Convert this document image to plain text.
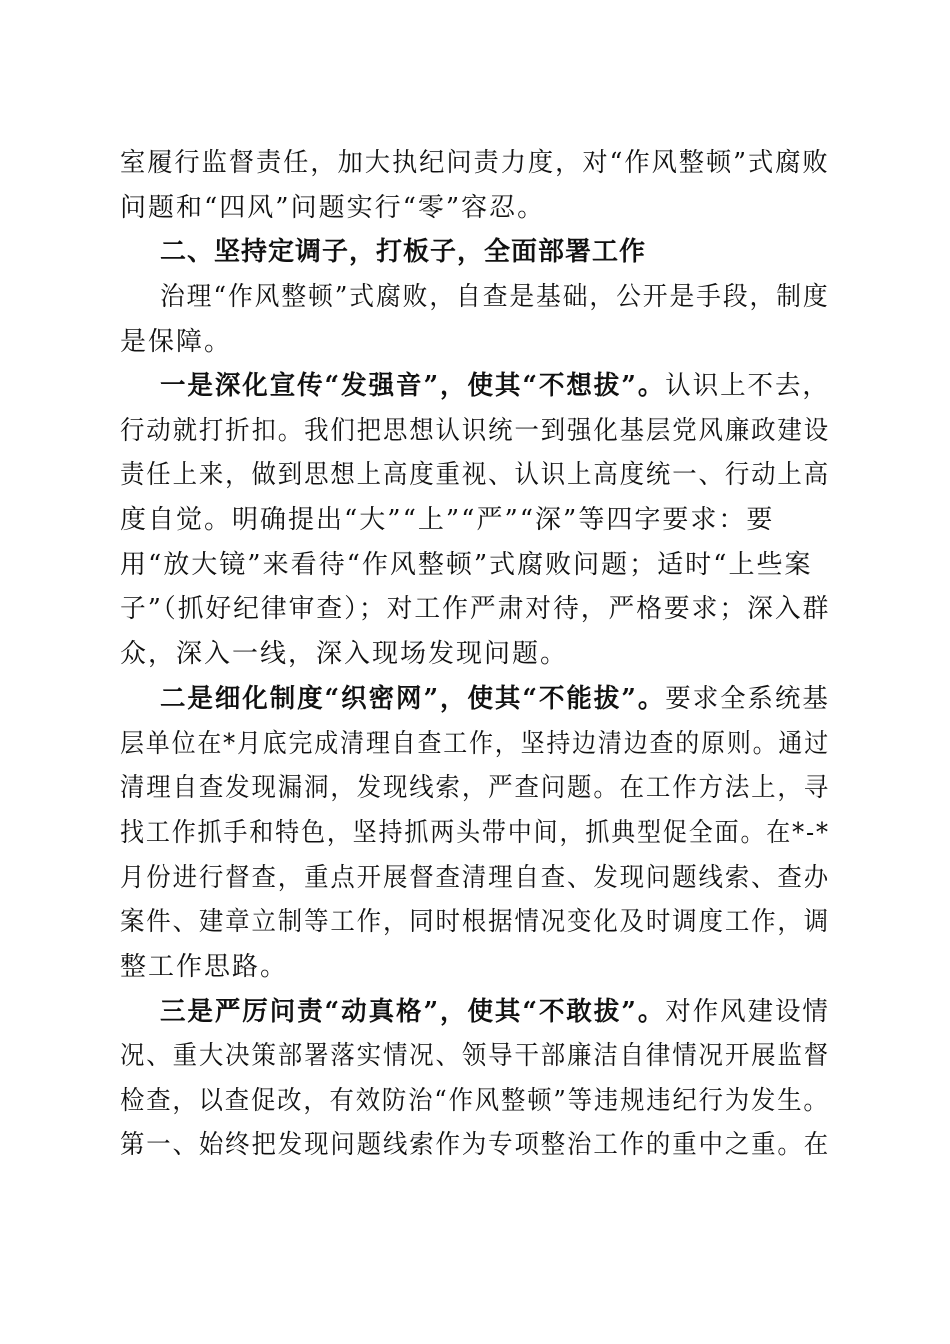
室履行监督责任，加大执纪问责力度，对“作风整顿”式腐败
问题和“四风”问题实行“零”容忍。
二、坚持定调子，打板子，全面部署工作
治理“作风整顿”式腐败，自查是基础，公开是手段，制度
是保障。
一是深化宣传“发强音”，使其“不想拔”。认识上不去，
行动就打折扣。我们把思想认识统一到强化基层党风廉政建设
责任上来，做到思想上高度重视、认识上高度统一、行动上高
度自觉。明确提出“大”“上”“严”“深”等四字要求：要
用“放大镜”来看待“作风整顿”式腐败问题；适时“上些案
子”（抓好纪律审查）；对工作严肃对待，严格要求；深入群
众，深入一线，深入现场发现问题。
二是细化制度“织密网”，使其“不能拔”。要求全系统基
层单位在*月底完成清理自查工作，坚持边清边查的原则。通过
清理自查发现漏洞，发现线索，严查问题。在工作方法上，寻
找工作抓手和特色，坚持抓两头带中间，抓典型促全面。在*-*
月份进行督查，重点开展督查清理自查、发现问题线索、查办
案件、建章立制等工作，同时根据情况变化及时调度工作，调
整工作思路。
三是严厉问责“动真格”，使其“不敢拔”。对作风建设情
况、重大决策部署落实情况、领导干部廉洁自律情况开展监督
检查，以查促改，有效防治“作风整顿”等违规违纪行为发生。
第一、始终把发现问题线索作为专项整治工作的重中之重。在
